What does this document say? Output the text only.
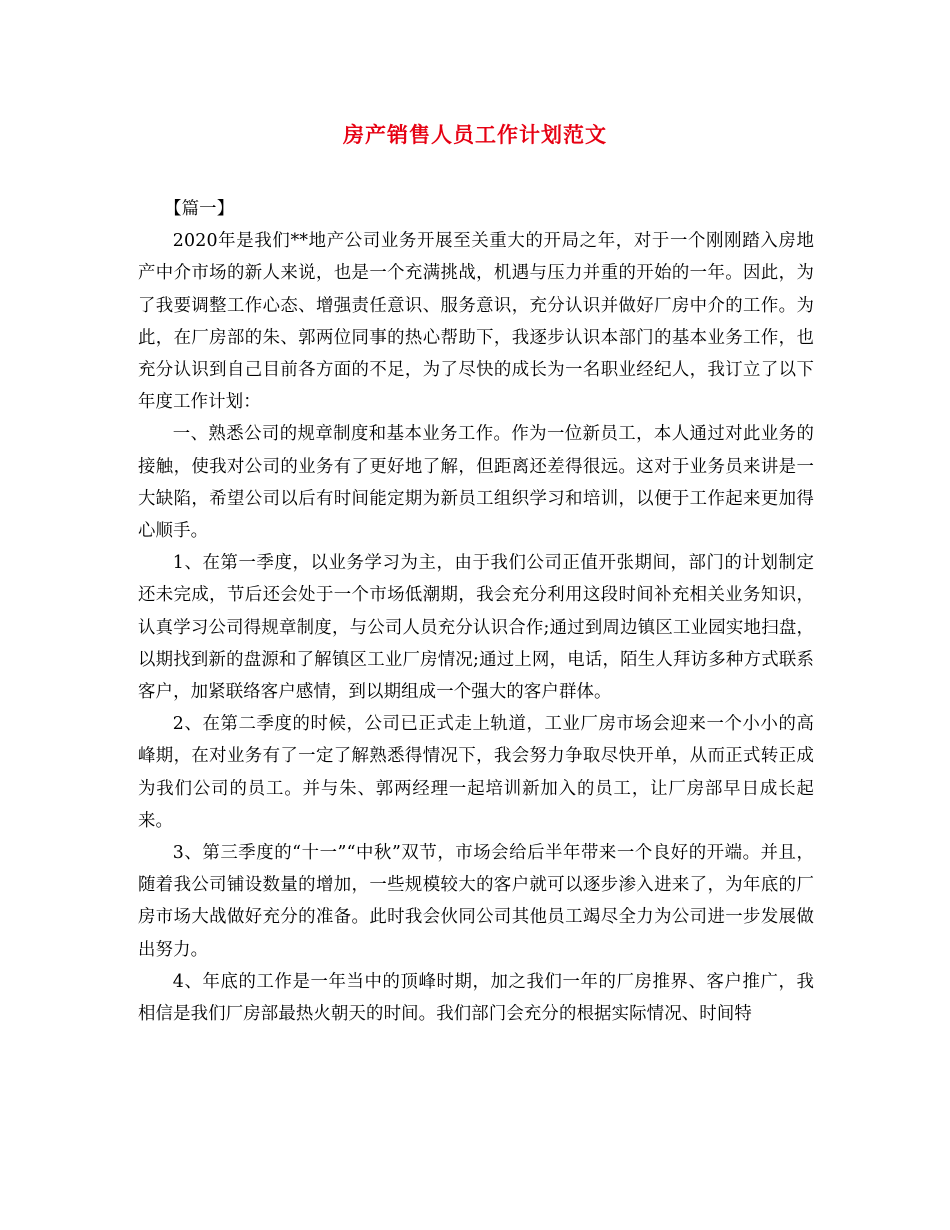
房产销售人员工作计划范文

【篇一】

2020年是我们**地产公司业务开展至关重大的开局之年，对于一个刚刚踏入房地产中介市场的新人来说，也是一个充满挑战，机遇与压力并重的开始的一年。因此，为了我要调整工作心态、增强责任意识、服务意识，充分认识并做好厂房中介的工作。为此，在厂房部的朱、郭两位同事的热心帮助下，我逐步认识本部门的基本业务工作，也充分认识到自己目前各方面的不足，为了尽快的成长为一名职业经纪人，我订立了以下年度工作计划：

一、熟悉公司的规章制度和基本业务工作。作为一位新员工，本人通过对此业务的接触，使我对公司的业务有了更好地了解，但距离还差得很远。这对于业务员来讲是一大缺陷，希望公司以后有时间能定期为新员工组织学习和培训，以便于工作起来更加得心顺手。

1、在第一季度，以业务学习为主，由于我们公司正值开张期间，部门的计划制定还未完成，节后还会处于一个市场低潮期，我会充分利用这段时间补充相关业务知识，认真学习公司得规章制度，与公司人员充分认识合作;通过到周边镇区工业园实地扫盘，以期找到新的盘源和了解镇区工业厂房情况;通过上网，电话，陌生人拜访多种方式联系客户，加紧联络客户感情，到以期组成一个强大的客户群体。

2、在第二季度的时候，公司已正式走上轨道，工业厂房市场会迎来一个小小的高峰期，在对业务有了一定了解熟悉得情况下，我会努力争取尽快开单，从而正式转正成为我们公司的员工。并与朱、郭两经理一起培训新加入的员工，让厂房部早日成长起来。

3、第三季度的“十一”“中秋”双节，市场会给后半年带来一个良好的开端。并且，随着我公司铺设数量的增加，一些规模较大的客户就可以逐步渗入进来了，为年底的厂房市场大战做好充分的准备。此时我会伙同公司其他员工竭尽全力为公司进一步发展做出努力。

4、年底的工作是一年当中的顶峰时期，加之我们一年的厂房推界、客户推广，我相信是我们厂房部最热火朝天的时间。我们部门会充分的根据实际情况、时间特
